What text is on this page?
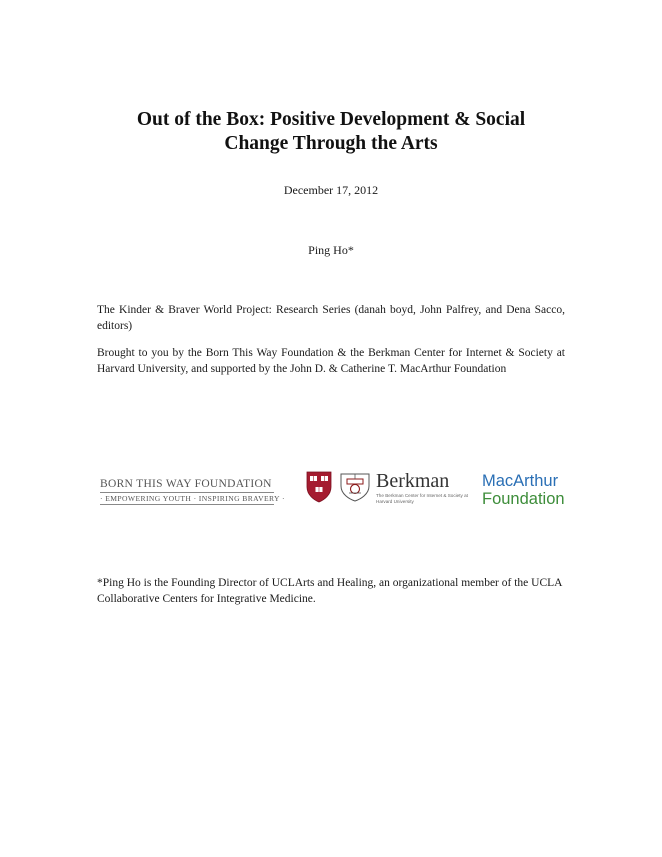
Out of the Box: Positive Development & Social
Change Through the Arts
December 17, 2012
Ping Ho*

The Kinder & Braver World Project: Research Series (danah boyd, John Palfrey, and Dena Sacco, editors)

Brought to you by the Born This Way Foundation & the Berkman Center for Internet & Society at Harvard University, and supported by the John D. & Catherine T. MacArthur Foundation

BORN THIS WAY FOUNDATION
· EMPOWERING YOUTH · INSPIRING BRAVERY ·
Berkman
The Berkman Center for Internet & Society at Harvard University
MacArthur
Foundation

*Ping Ho is the Founding Director of UCLArts and Healing, an organizational member of the UCLA Collaborative Centers for Integrative Medicine.
